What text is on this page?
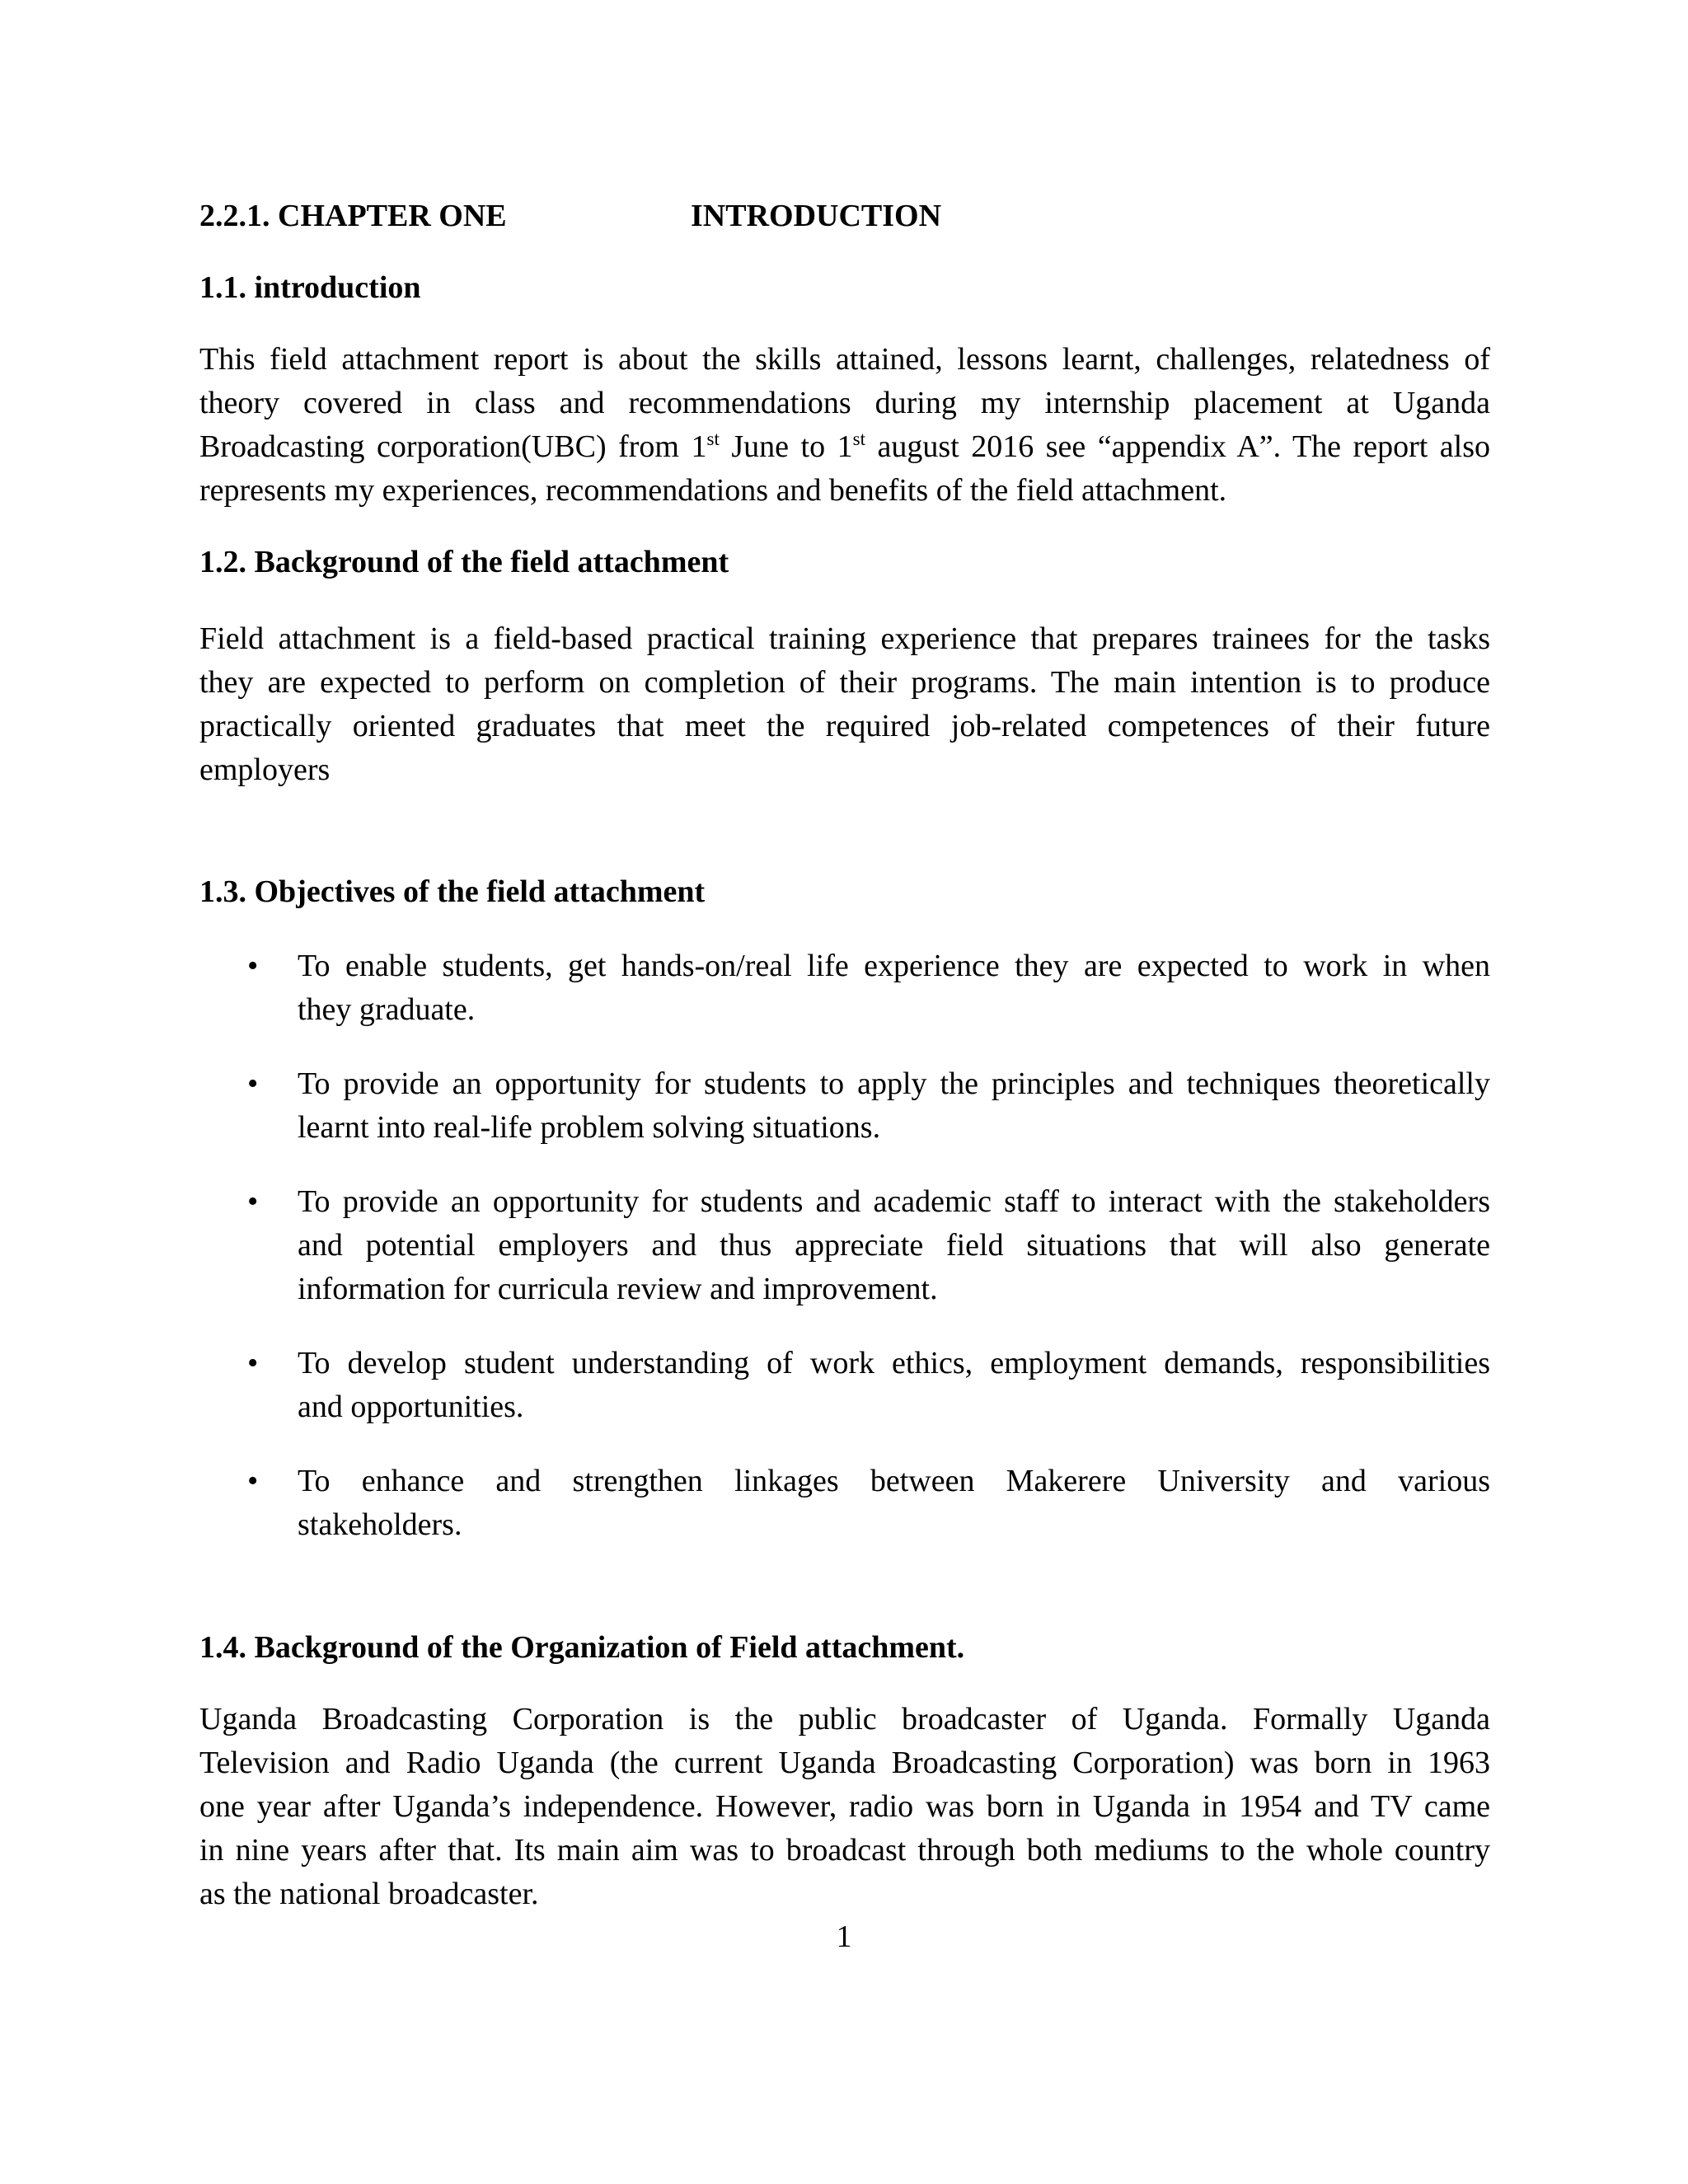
2.2.1. CHAPTER ONE	INTRODUCTION
1.1. introduction
This field attachment report is about the skills attained, lessons learnt, challenges, relatedness of
theory covered in class and recommendations during my internship placement at Uganda
Broadcasting corporation(UBC) from 1st June to 1st august 2016 see “appendix A”. The report also
represents my experiences, recommendations and benefits of the field attachment.
1.2. Background of the field attachment
Field attachment is a field-based practical training experience that prepares trainees for the tasks
they are expected to perform on completion of their programs. The main intention is to produce
practically oriented graduates that meet the required job-related competences of their future
employers
1.3. Objectives of the field attachment
• To enable students, get hands-on/real life experience they are expected to work in when
they graduate.
• To provide an opportunity for students to apply the principles and techniques theoretically
learnt into real-life problem solving situations.
• To provide an opportunity for students and academic staff to interact with the stakeholders
and potential employers and thus appreciate field situations that will also generate
information for curricula review and improvement.
• To develop student understanding of work ethics, employment demands, responsibilities
and opportunities.
• To enhance and strengthen linkages between Makerere University and various
stakeholders.
1.4. Background of the Organization of Field attachment.
Uganda Broadcasting Corporation is the public broadcaster of Uganda. Formally Uganda
Television and Radio Uganda (the current Uganda Broadcasting Corporation) was born in 1963
one year after Uganda’s independence. However, radio was born in Uganda in 1954 and TV came
in nine years after that. Its main aim was to broadcast through both mediums to the whole country
as the national broadcaster.
1
